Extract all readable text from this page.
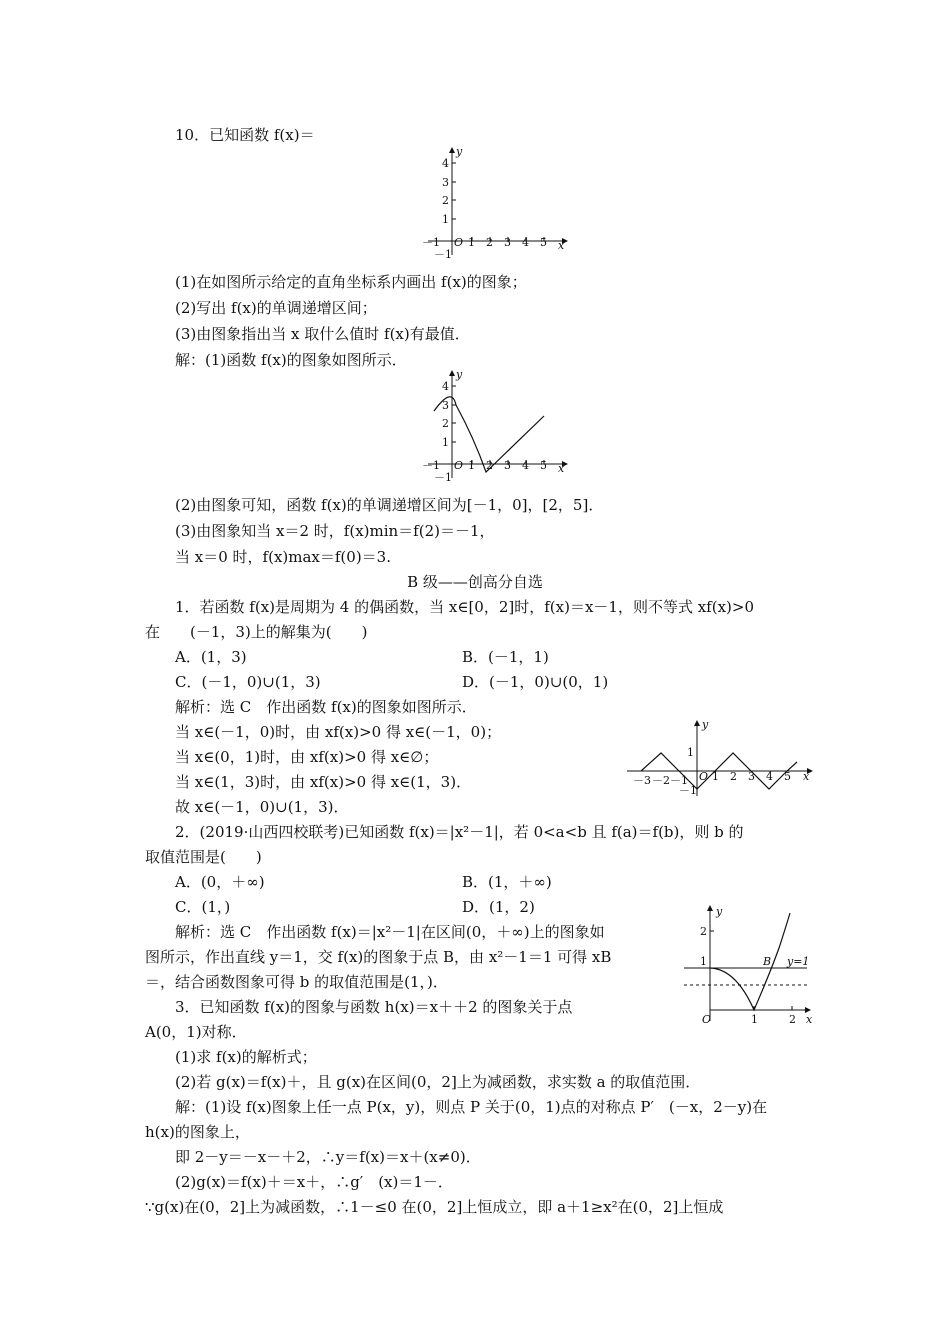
10．已知函数 f(x)＝
－1 O 1 2 3 4 5 x
4
3
2
1
－1
y
(1)在如图所示给定的直角坐标系内画出 f(x)的图象；
(2)写出 f(x)的单调递增区间；
(3)由图象指出当 x 取什么值时 f(x)有最值．
解：(1)函数 f(x)的图象如图所示．
－1 O 1 2 3 4 5 x
4
3
2
1
－1
y
(2)由图象可知，函数 f(x)的单调递增区间为[－1，0]，[2，5]．
(3)由图象知当 x＝2 时，f(x)min＝f(2)＝－1，
当 x＝0 时，f(x)max＝f(0)＝3.
B 级——创高分自选
1．若函数 f(x)是周期为 4 的偶函数，当 x∈[0，2]时，f(x)＝x－1，则不等式 xf(x)>0
在　　(－1，3)上的解集为(　　)
A．(1，3)	B．(－1，1)
C．(－1，0)∪(1，3)	D．(－1，0)∪(0，1)
解析：选 C　作出函数 f(x)的图象如图所示．
当 x∈(－1，0)时，由 xf(x)>0 得 x∈(－1，0)；
当 x∈(0，1)时，由 xf(x)>0 得 x∈∅；
当 x∈(1，3)时，由 xf(x)>0 得 x∈(1，3)．
故 x∈(－1，0)∪(1，3)．
－3 －2 －1 O 1 2 3 4 5 x
1
－1
y
2．(2019·山西四校联考)已知函数 f(x)＝|x²－1|，若 0<a<b 且 f(a)＝f(b)，则 b 的
取值范围是(　　)
A．(0，＋∞)	B．(1，＋∞)
C．(1，)	D．(1，2)
解析：选 C　作出函数 f(x)＝|x²－1|在区间(0，＋∞)上的图象如
图所示，作出直线 y＝1，交 f(x)的图象于点 B，由 x²－1＝1 可得 xB
＝，结合函数图象可得 b 的取值范围是(1，)．
O	1	2 x
2
1
y
B y=1
3．已知函数 f(x)的图象与函数 h(x)＝x＋＋2 的图象关于点
A(0，1)对称．
(1)求 f(x)的解析式；
(2)若 g(x)＝f(x)＋，且 g(x)在区间(0，2]上为减函数，求实数 a 的取值范围．
解：(1)设 f(x)图象上任一点 P(x，y)，则点 P 关于(0，1)点的对称点 P′　(－x，2－y)在
h(x)的图象上，
即 2－y＝－x－＋2，∴y＝f(x)＝x＋(x≠0)．
(2)g(x)＝f(x)＋＝x＋，∴g′　(x)＝1－．
∵g(x)在(0，2]上为减函数，∴1－≤0 在(0，2]上恒成立，即 a＋1≥x²在(0，2]上恒成
